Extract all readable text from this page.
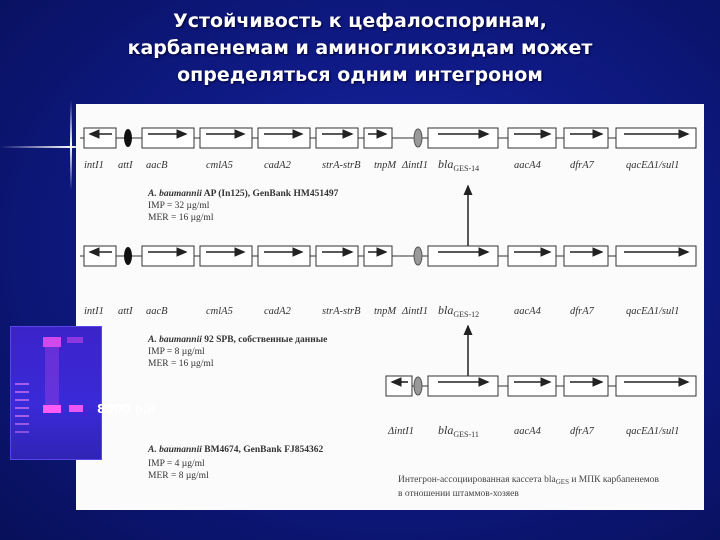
Устойчивость к цефалоспоринам,
карбапенемам и аминогликозидам может
определяться одним интегроном
intI1 attI aacB	cmlA5	cadA2	strA-strB tnpM ΔintI1 bla$_{GES-14}$	aacA4	dfrA7	qacEΔ1/sul1
A. baumannii AP (In125), GenBank HM451497
IMP = 32 µg/ml
MER = 16 µg/ml
intI1 attI aacB	cmlA5	cadA2	strA-strB tnpM ΔintI1 bla$_{GES-12}$	aacA4	dfrA7	qacEΔ1/sul1
A. baumannii 92 SPB, собственные данные
IMP = 8 µg/ml
MER = 16 µg/ml
ΔintI1 bla$_{GES-11}$	aacA4	dfrA7	qacEΔ1/sul1
A. baumannii BM4674, GenBank FJ854362
IMP = 4 µg/ml
MER = 8 µg/ml	Интегрон-ассоциированная кассета bla$_{GES}$ и МПК карбапенемов
в отношении штаммов-хозяев
8000 п.н
